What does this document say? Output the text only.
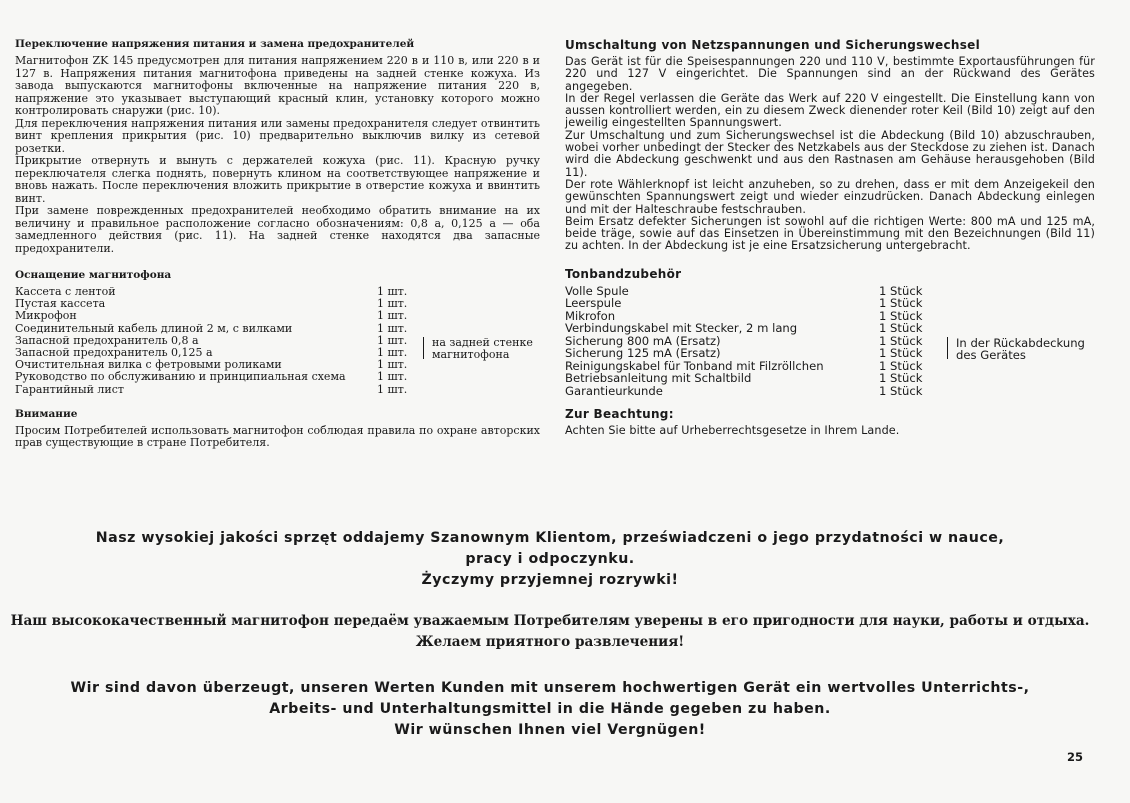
Переключение напряжения питания и замена предохранителей

Магнитофон ZK 145 предусмотрен для питания напряжением 220 в и 110 в, или 220 в и 127 в. Напряжения питания магнитофона приведены на задней стенке кожуха. Из завода выпускаются магнитофоны включенные на напряжение питания 220 в, напряжение это указывает выступающий красный клин, установку которого можно контролировать снаружи (рис. 10).

Для переключения напряжения питания или замены предохранителя следует отвинтить винт крепления прикрытия (рис. 10) предварительно выключив вилку из сетевой розетки.

Прикрытие отвернуть и вынуть с держателей кожуха (рис. 11). Красную ручку переключателя слегка поднять, повернуть клином на соответствующее напряжение и вновь нажать. После переключения вложить прикрытие в отверстие кожуха и ввинтить винт.

При замене поврежденных предохранителей необходимо обратить внимание на их величину и правильное расположение согласно обозначениям: 0,8 а, 0,125 а — оба замедленного действия (рис. 11). На задней стенке находятся два запасные предохранители.

Оснащение магнитофона
Кассета с лентой	1 шт.	
Пустая кассета	1 шт.	
Микрофон	1 шт.	
Соединительный кабель длиной 2 м, с вилками	1 шт.	
Запасной предохранитель 0,8 а	1 шт.	на задней стенке
магнитофона

Запасной предохранитель 0,125 а	1 шт.	
Очистительная вилка с фетровыми роликами	1 шт.	
Руководство по обслуживанию и принципиальная схема	1 шт.	
Гарантийный лист	1 шт.	
Внимание

Просим Потребителей использовать магнитофон соблюдая правила по охране авторских прав существующие в стране Потребителя.

Umschaltung von Netzspannungen und Sicherungswechsel

Das Gerät ist für die Speisespannungen 220 und 110 V, bestimmte Exportausführungen für 220 und 127 V eingerichtet. Die Spannungen sind an der Rückwand des Gerätes angegeben.

In der Regel verlassen die Geräte das Werk auf 220 V eingestellt. Die Einstellung kann von aussen kontrolliert werden, ein zu diesem Zweck dienender roter Keil (Bild 10) zeigt auf den jeweilig eingestellten Spannungswert.

Zur Umschaltung und zum Sicherungswechsel ist die Abdeckung (Bild 10) abzuschrauben, wobei vorher unbedingt der Stecker des Netzkabels aus der Steckdose zu ziehen ist. Danach wird die Abdeckung geschwenkt und aus den Rastnasen am Gehäuse herausgehoben (Bild 11).

Der rote Wählerknopf ist leicht anzuheben, so zu drehen, dass er mit dem Anzeigekeil den gewünschten Spannungswert zeigt und wieder einzudrücken. Danach Abdeckung einlegen und mit der Halteschraube festschrauben.

Beim Ersatz defekter Sicherungen ist sowohl auf die richtigen Werte: 800 mA und 125 mA, beide träge, sowie auf das Einsetzen in Übereinstimmung mit den Bezeichnungen (Bild 11) zu achten. In der Abdeckung ist je eine Ersatzsicherung untergebracht.

Tonbandzubehör
Volle Spule	1 Stück	
Leerspule	1 Stück	
Mikrofon	1 Stück	
Verbindungskabel mit Stecker, 2 m lang	1 Stück	
Sicherung 800 mA (Ersatz)	1 Stück	In der Rückabdeckung
des Gerätes

Sicherung 125 mA (Ersatz)	1 Stück	
Reinigungskabel für Tonband mit Filzröllchen	1 Stück	
Betriebsanleitung mit Schaltbild	1 Stück	
Garantieurkunde	1 Stück	
Zur Beachtung:

Achten Sie bitte auf Urheberrechtsgesetze in Ihrem Lande.

Nasz wysokiej jakości sprzęt oddajemy Szanownym Klientom, przeświadczeni o jego przydatności w nauce,
pracy i odpoczynku.
Życzymy przyjemnej rozrywki!
Наш высококачественный магнитофон передаём уважаемым Потребителям уверены в его пригодности для науки, работы и отдыха.
Желаем приятного развлечения!
Wir sind davon überzeugt, unseren Werten Kunden mit unserem hochwertigen Gerät ein wertvolles Unterrichts-,
Arbeits- und Unterhaltungsmittel in die Hände gegeben zu haben.
Wir wünschen Ihnen viel Vergnügen!
25
